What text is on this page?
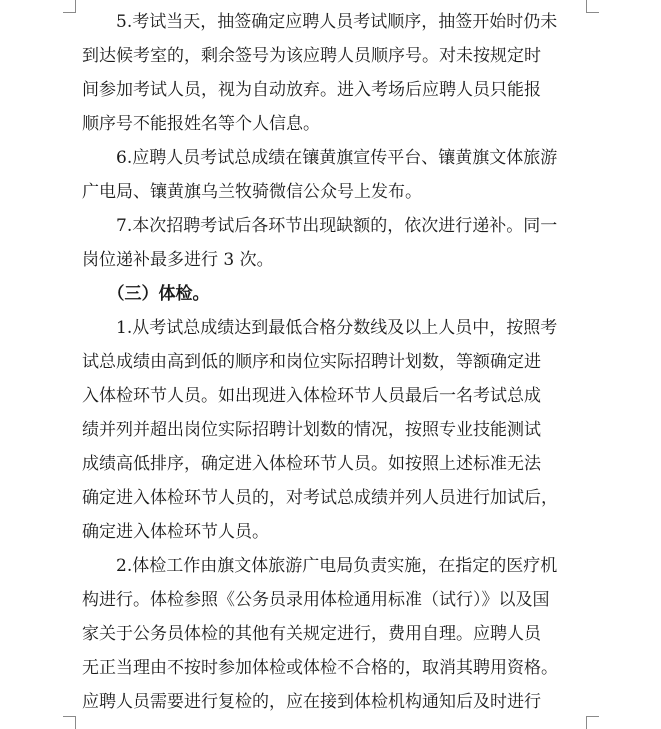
　　5.考试当天，抽签确定应聘人员考试顺序，抽签开始时仍未
到达候考室的，剩余签号为该应聘人员顺序号。对未按规定时
间参加考试人员，视为自动放弃。进入考场后应聘人员只能报
顺序号不能报姓名等个人信息。
　　6.应聘人员考试总成绩在镶黄旗宣传平台、镶黄旗文体旅游
广电局、镶黄旗乌兰牧骑微信公众号上发布。
　　7.本次招聘考试后各环节出现缺额的，依次进行递补。同一
岗位递补最多进行 3 次。
　　（三）体检。
　　1.从考试总成绩达到最低合格分数线及以上人员中，按照考
试总成绩由高到低的顺序和岗位实际招聘计划数，等额确定进
入体检环节人员。如出现进入体检环节人员最后一名考试总成
绩并列并超出岗位实际招聘计划数的情况，按照专业技能测试
成绩高低排序，确定进入体检环节人员。如按照上述标准无法
确定进入体检环节人员的，对考试总成绩并列人员进行加试后，
确定进入体检环节人员。
　　2.体检工作由旗文体旅游广电局负责实施，在指定的医疗机
构进行。体检参照《公务员录用体检通用标准（试行）》以及国
家关于公务员体检的其他有关规定进行，费用自理。应聘人员
无正当理由不按时参加体检或体检不合格的，取消其聘用资格。
应聘人员需要进行复检的，应在接到体检机构通知后及时进行
